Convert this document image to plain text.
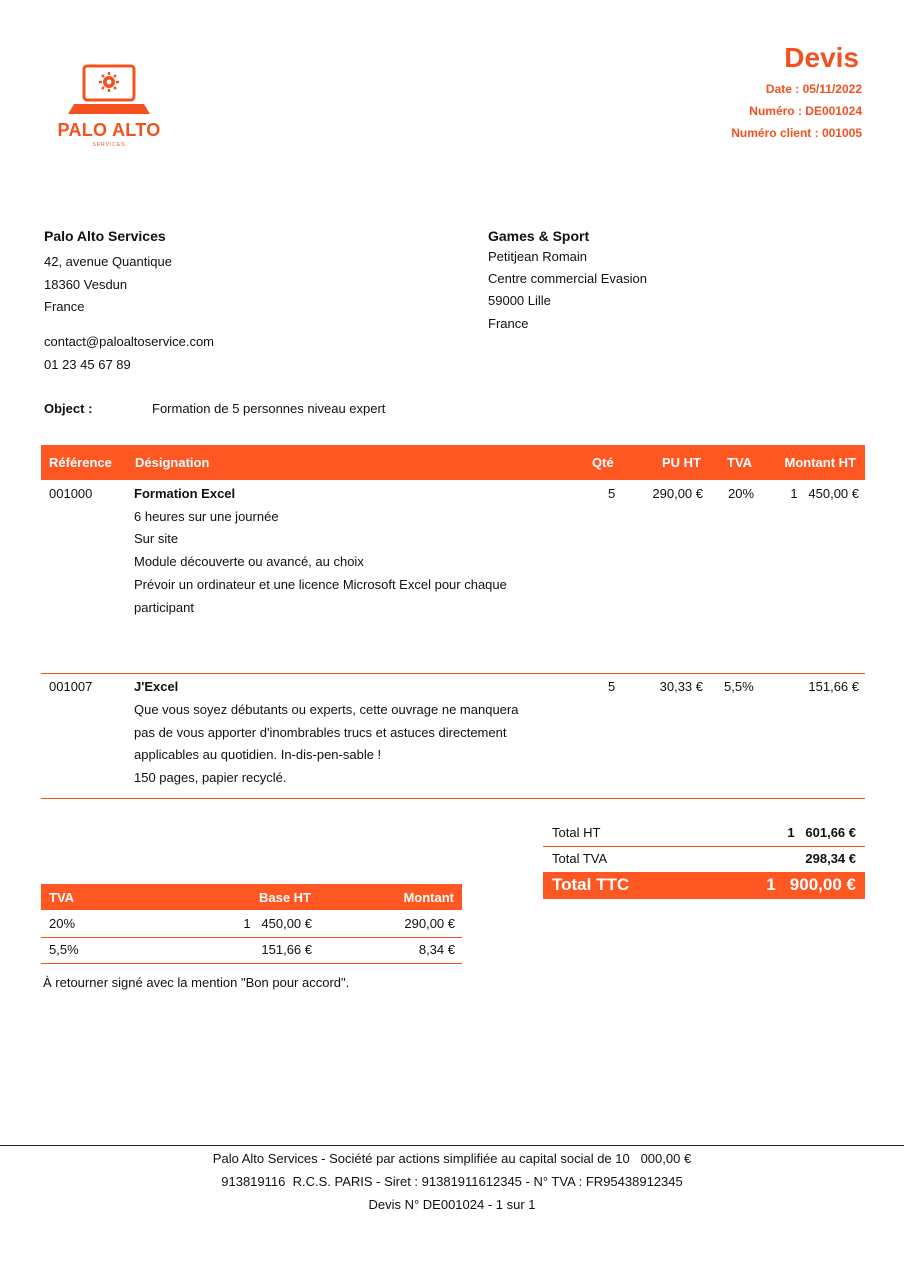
PALO ALTO
SERVICES
Devis
Date : 05/11/2022
Numéro : DE001024
Numéro client : 001005
Palo Alto Services
42, avenue Quantique
18360 Vesdun
France
contact@paloaltoservice.com
01 23 45 67 89
Games & Sport
Petitjean Romain
Centre commercial Evasion
59000 Lille
France
Object :	Formation de 5 personnes niveau expert
Référence Désignation	Qté	PU HT TVA Montant HT
001000	Formation Excel
6 heures sur une journée
Sur site
Module découverte ou avancé, au choix
Prévoir un ordinateur et une licence Microsoft Excel pour chaque
participant
5	290,00 € 20%	1   450,00 €
001007	J'Excel
Que vous soyez débutants ou experts, cette ouvrage ne manquera
pas de vous apporter d'inombrables trucs et astuces directement
applicables au quotidien. In-dis-pen-sable !
150 pages, papier recyclé.
5	30,33 € 5,5%	151,66 €
Total HT	1   601,66 €
Total TVA	298,34 €
Total TTC	1   900,00 €
TVA	Base HT	Montant
20%	1   450,00 €	290,00 €
5,5%	151,66 €	8,34 €
À retourner signé avec la mention "Bon pour accord".
Palo Alto Services - Société par actions simplifiée au capital social de 10   000,00 €
913819116  R.C.S. PARIS - Siret : 91381911612345 - N° TVA : FR95438912345
Devis N° DE001024 - 1 sur 1
